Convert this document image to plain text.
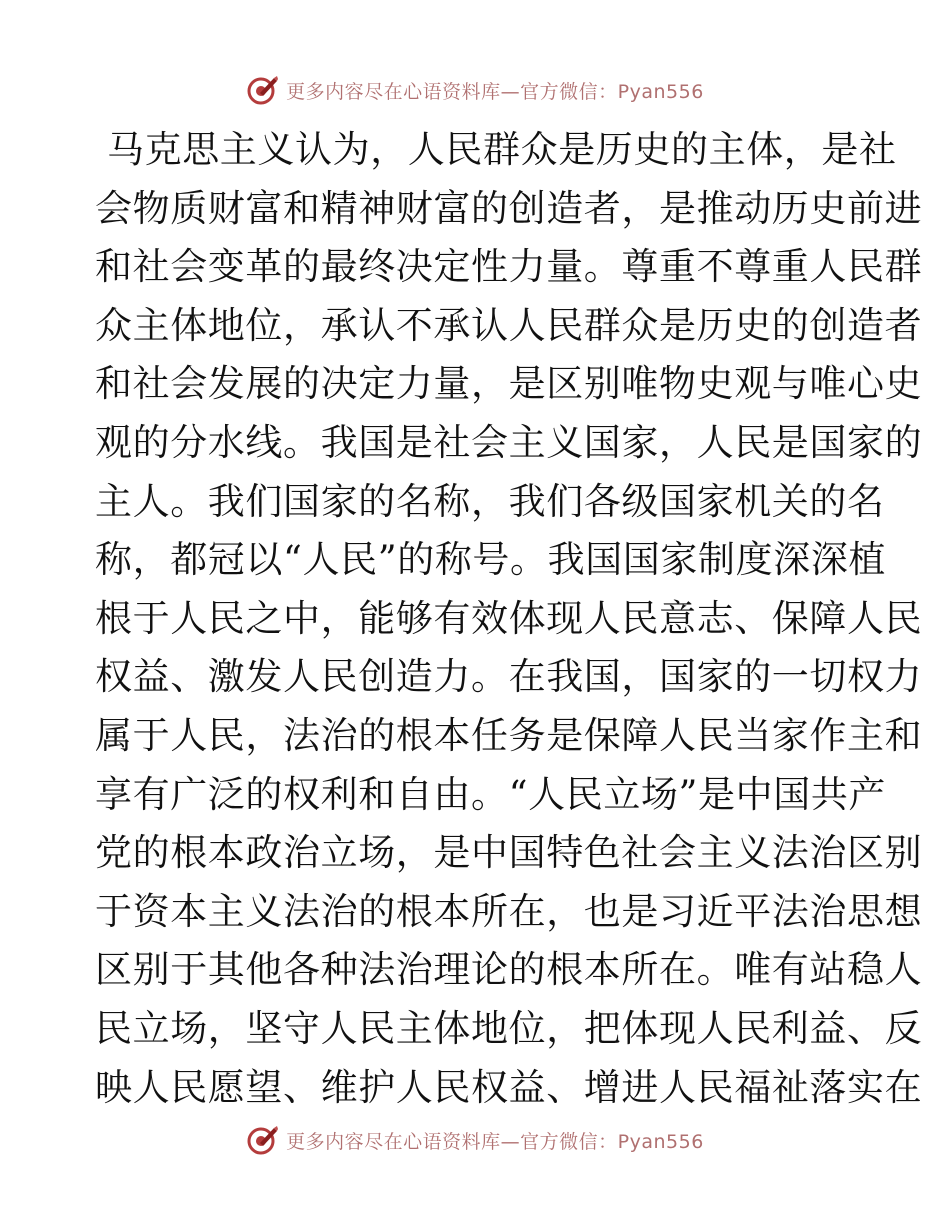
更多内容尽在心语资料库—官方微信：Pyan556
马克思主义认为，人民群众是历史的主体，是社
会物质财富和精神财富的创造者，是推动历史前进
和社会变革的最终决定性力量。尊重不尊重人民群
众主体地位，承认不承认人民群众是历史的创造者
和社会发展的决定力量，是区别唯物史观与唯心史
观的分水线。我国是社会主义国家，人民是国家的
主人。我们国家的名称，我们各级国家机关的名
称，都冠以“人民”的称号。我国国家制度深深植
根于人民之中，能够有效体现人民意志、保障人民
权益、激发人民创造力。在我国，国家的一切权力
属于人民，法治的根本任务是保障人民当家作主和
享有广泛的权利和自由。“人民立场”是中国共产
党的根本政治立场，是中国特色社会主义法治区别
于资本主义法治的根本所在，也是习近平法治思想
区别于其他各种法治理论的根本所在。唯有站稳人
民立场，坚守人民主体地位，把体现人民利益、反
映人民愿望、维护人民权益、增进人民福祉落实在
更多内容尽在心语资料库—官方微信：Pyan556
